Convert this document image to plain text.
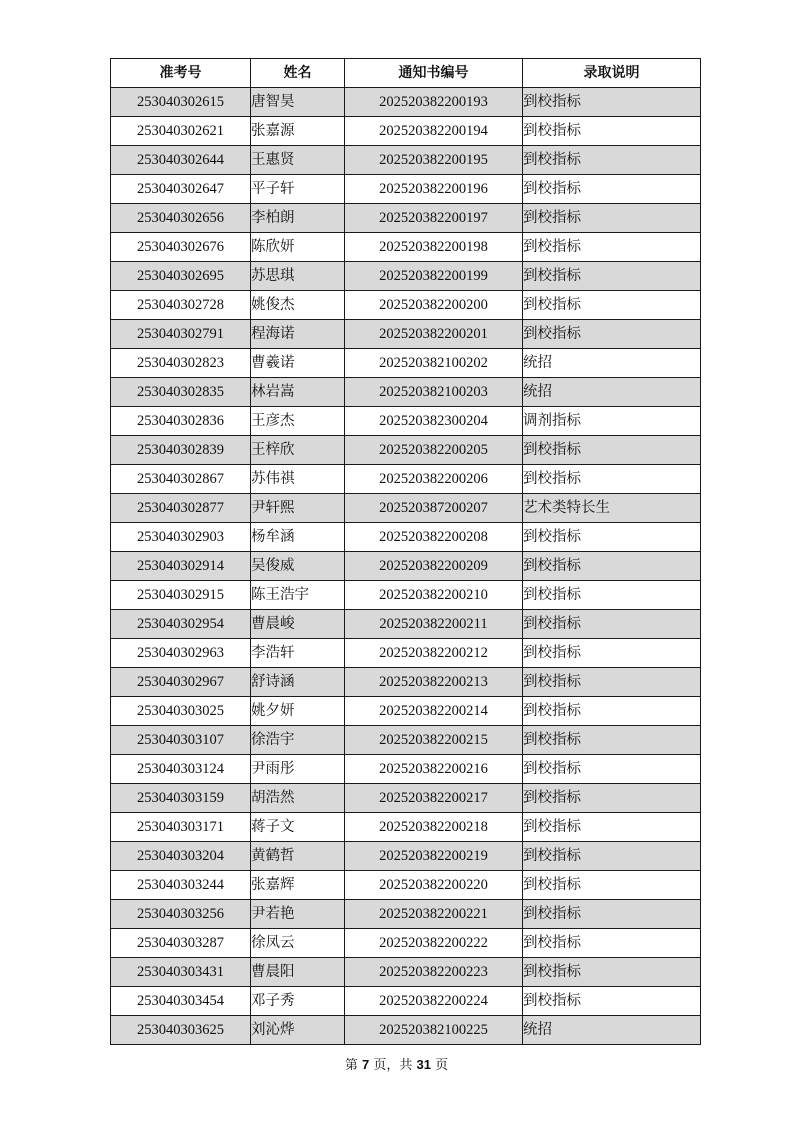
准考号	姓名	通知书编号	录取说明
253040302615	唐智昊	202520382200193	到校指标
253040302621	张嘉源	202520382200194	到校指标
253040302644	王惠贤	202520382200195	到校指标
253040302647	平子轩	202520382200196	到校指标
253040302656	李柏朗	202520382200197	到校指标
253040302676	陈欣妍	202520382200198	到校指标
253040302695	苏思琪	202520382200199	到校指标
253040302728	姚俊杰	202520382200200	到校指标
253040302791	程海诺	202520382200201	到校指标
253040302823	曹羲诺	202520382100202	统招
253040302835	林岩嵩	202520382100203	统招
253040302836	王彦杰	202520382300204	调剂指标
253040302839	王梓欣	202520382200205	到校指标
253040302867	苏伟祺	202520382200206	到校指标
253040302877	尹轩熙	202520387200207	艺术类特长生
253040302903	杨牟涵	202520382200208	到校指标
253040302914	吴俊威	202520382200209	到校指标
253040302915	陈王浩宇	202520382200210	到校指标
253040302954	曹晨峻	202520382200211	到校指标
253040302963	李浩轩	202520382200212	到校指标
253040302967	舒诗涵	202520382200213	到校指标
253040303025	姚夕妍	202520382200214	到校指标
253040303107	徐浩宇	202520382200215	到校指标
253040303124	尹雨彤	202520382200216	到校指标
253040303159	胡浩然	202520382200217	到校指标
253040303171	蒋子文	202520382200218	到校指标
253040303204	黄鹤哲	202520382200219	到校指标
253040303244	张嘉辉	202520382200220	到校指标
253040303256	尹若艳	202520382200221	到校指标
253040303287	徐凤云	202520382200222	到校指标
253040303431	曹晨阳	202520382200223	到校指标
253040303454	邓子秀	202520382200224	到校指标
253040303625	刘沁烨	202520382100225	统招
第 7 页，共 31 页
